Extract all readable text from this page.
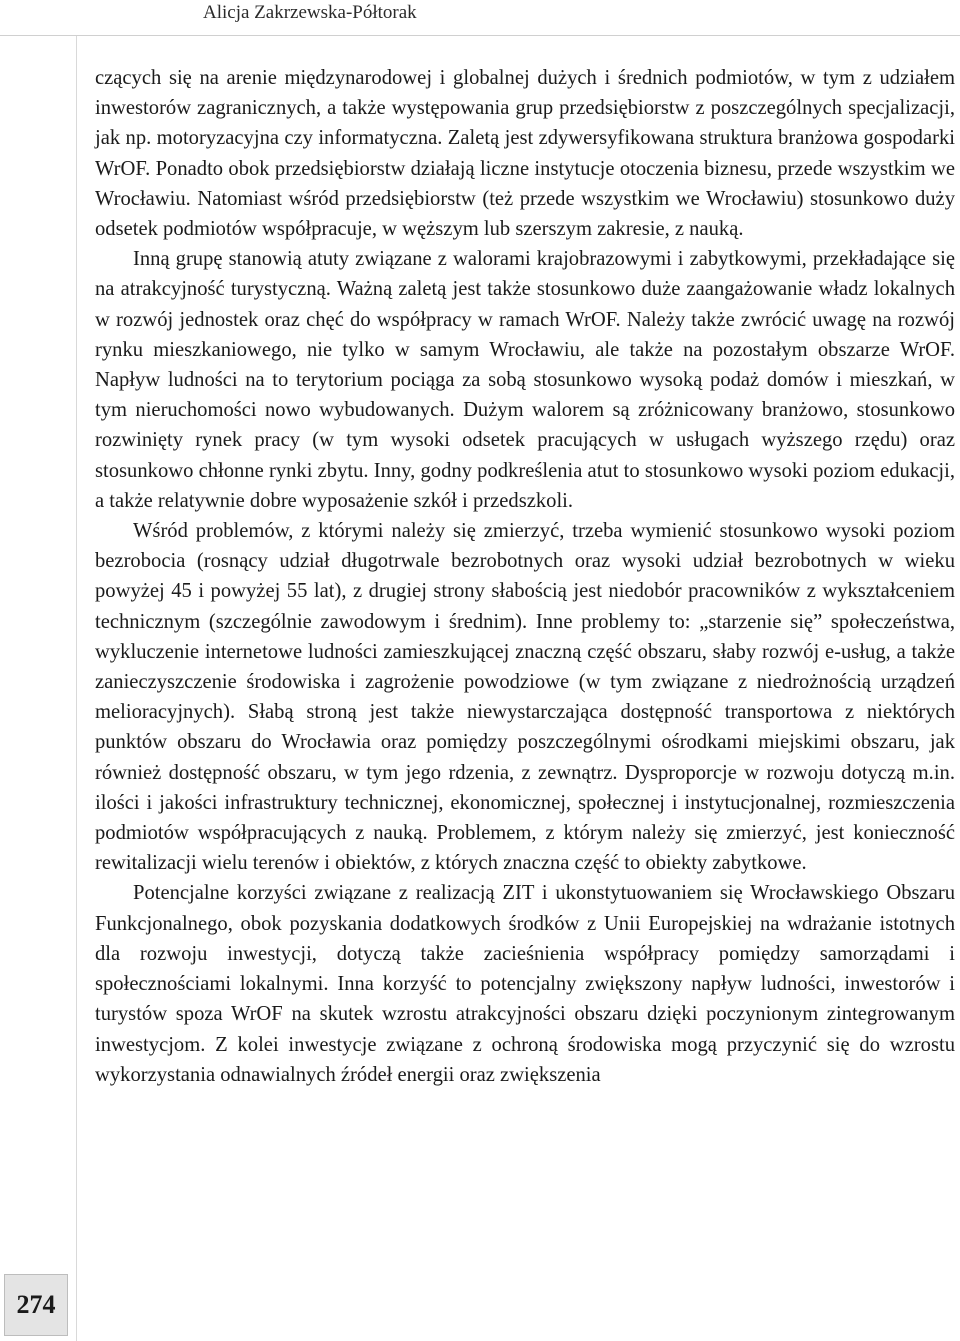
Alicja Zakrzewska-Półtorak
274

czących się na arenie międzynarodowej i globalnej dużych i średnich podmiotów, w tym z udziałem inwestorów zagranicznych, a także występowania grup przedsiębiorstw z poszczególnych specjalizacji, jak np. motoryzacyjna czy informatyczna. Zaletą jest zdywersyfikowana struktura branżowa gospodarki WrOF. Ponadto obok przedsiębiorstw działają liczne instytucje otoczenia biznesu, przede wszystkim we Wrocławiu. Natomiast wśród przedsiębiorstw (też przede wszystkim we Wrocławiu) stosunkowo duży odsetek podmiotów współpracuje, w węższym lub szerszym zakresie, z nauką.

Inną grupę stanowią atuty związane z walorami krajobrazowymi i zabytkowymi, przekładające się na atrakcyjność turystyczną. Ważną zaletą jest także stosunkowo duże zaangażowanie władz lokalnych w rozwój jednostek oraz chęć do współpracy w ramach WrOF. Należy także zwrócić uwagę na rozwój rynku mieszkaniowego, nie tylko w samym Wrocławiu, ale także na pozostałym obszarze WrOF. Napływ ludności na to terytorium pociąga za sobą stosunkowo wysoką podaż domów i mieszkań, w tym nieruchomości nowo wybudowanych. Dużym walorem są zróżnicowany branżowo, stosunkowo rozwinięty rynek pracy (w tym wysoki odsetek pracujących w usługach wyższego rzędu) oraz stosunkowo chłonne rynki zbytu. Inny, godny podkreślenia atut to stosunkowo wysoki poziom edukacji, a także relatywnie dobre wyposażenie szkół i przedszkoli.

Wśród problemów, z którymi należy się zmierzyć, trzeba wymienić stosunkowo wysoki poziom bezrobocia (rosnący udział długotrwale bezrobotnych oraz wysoki udział bezrobotnych w wieku powyżej 45 i powyżej 55 lat), z drugiej strony słabością jest niedobór pracowników z wykształceniem technicznym (szczególnie zawodowym i średnim). Inne problemy to: „starzenie się” społeczeństwa, wykluczenie internetowe ludności zamieszkującej znaczną część obszaru, słaby rozwój e-usług, a także zanieczyszczenie środowiska i zagrożenie powodziowe (w tym związane z niedrożnością urządzeń melioracyjnych). Słabą stroną jest także niewystarczająca dostępność transportowa z niektórych punktów obszaru do Wrocławia oraz pomiędzy poszczególnymi ośrodkami miejskimi obszaru, jak również dostępność obszaru, w tym jego rdzenia, z zewnątrz. Dysproporcje w rozwoju dotyczą m.in. ilości i jakości infrastruktury technicznej, ekonomicznej, społecznej i instytucjonalnej, rozmieszczenia podmiotów współpracujących z nauką. Problemem, z którym należy się zmierzyć, jest konieczność rewitalizacji wielu terenów i obiektów, z których znaczna część to obiekty zabytkowe.

Potencjalne korzyści związane z realizacją ZIT i ukonstytuowaniem się Wrocławskiego Obszaru Funkcjonalnego, obok pozyskania dodatkowych środków z Unii Europejskiej na wdrażanie istotnych dla rozwoju inwestycji, dotyczą także zacieśnienia współpracy pomiędzy samorządami i społecznościami lokalnymi. Inna korzyść to potencjalny zwiększony napływ ludności, inwestorów i turystów spoza WrOF na skutek wzrostu atrakcyjności obszaru dzięki poczynionym zintegrowanym inwestycjom. Z kolei inwestycje związane z ochroną środowiska mogą przyczynić się do wzrostu wykorzystania odnawialnych źródeł energii oraz zwiększenia
